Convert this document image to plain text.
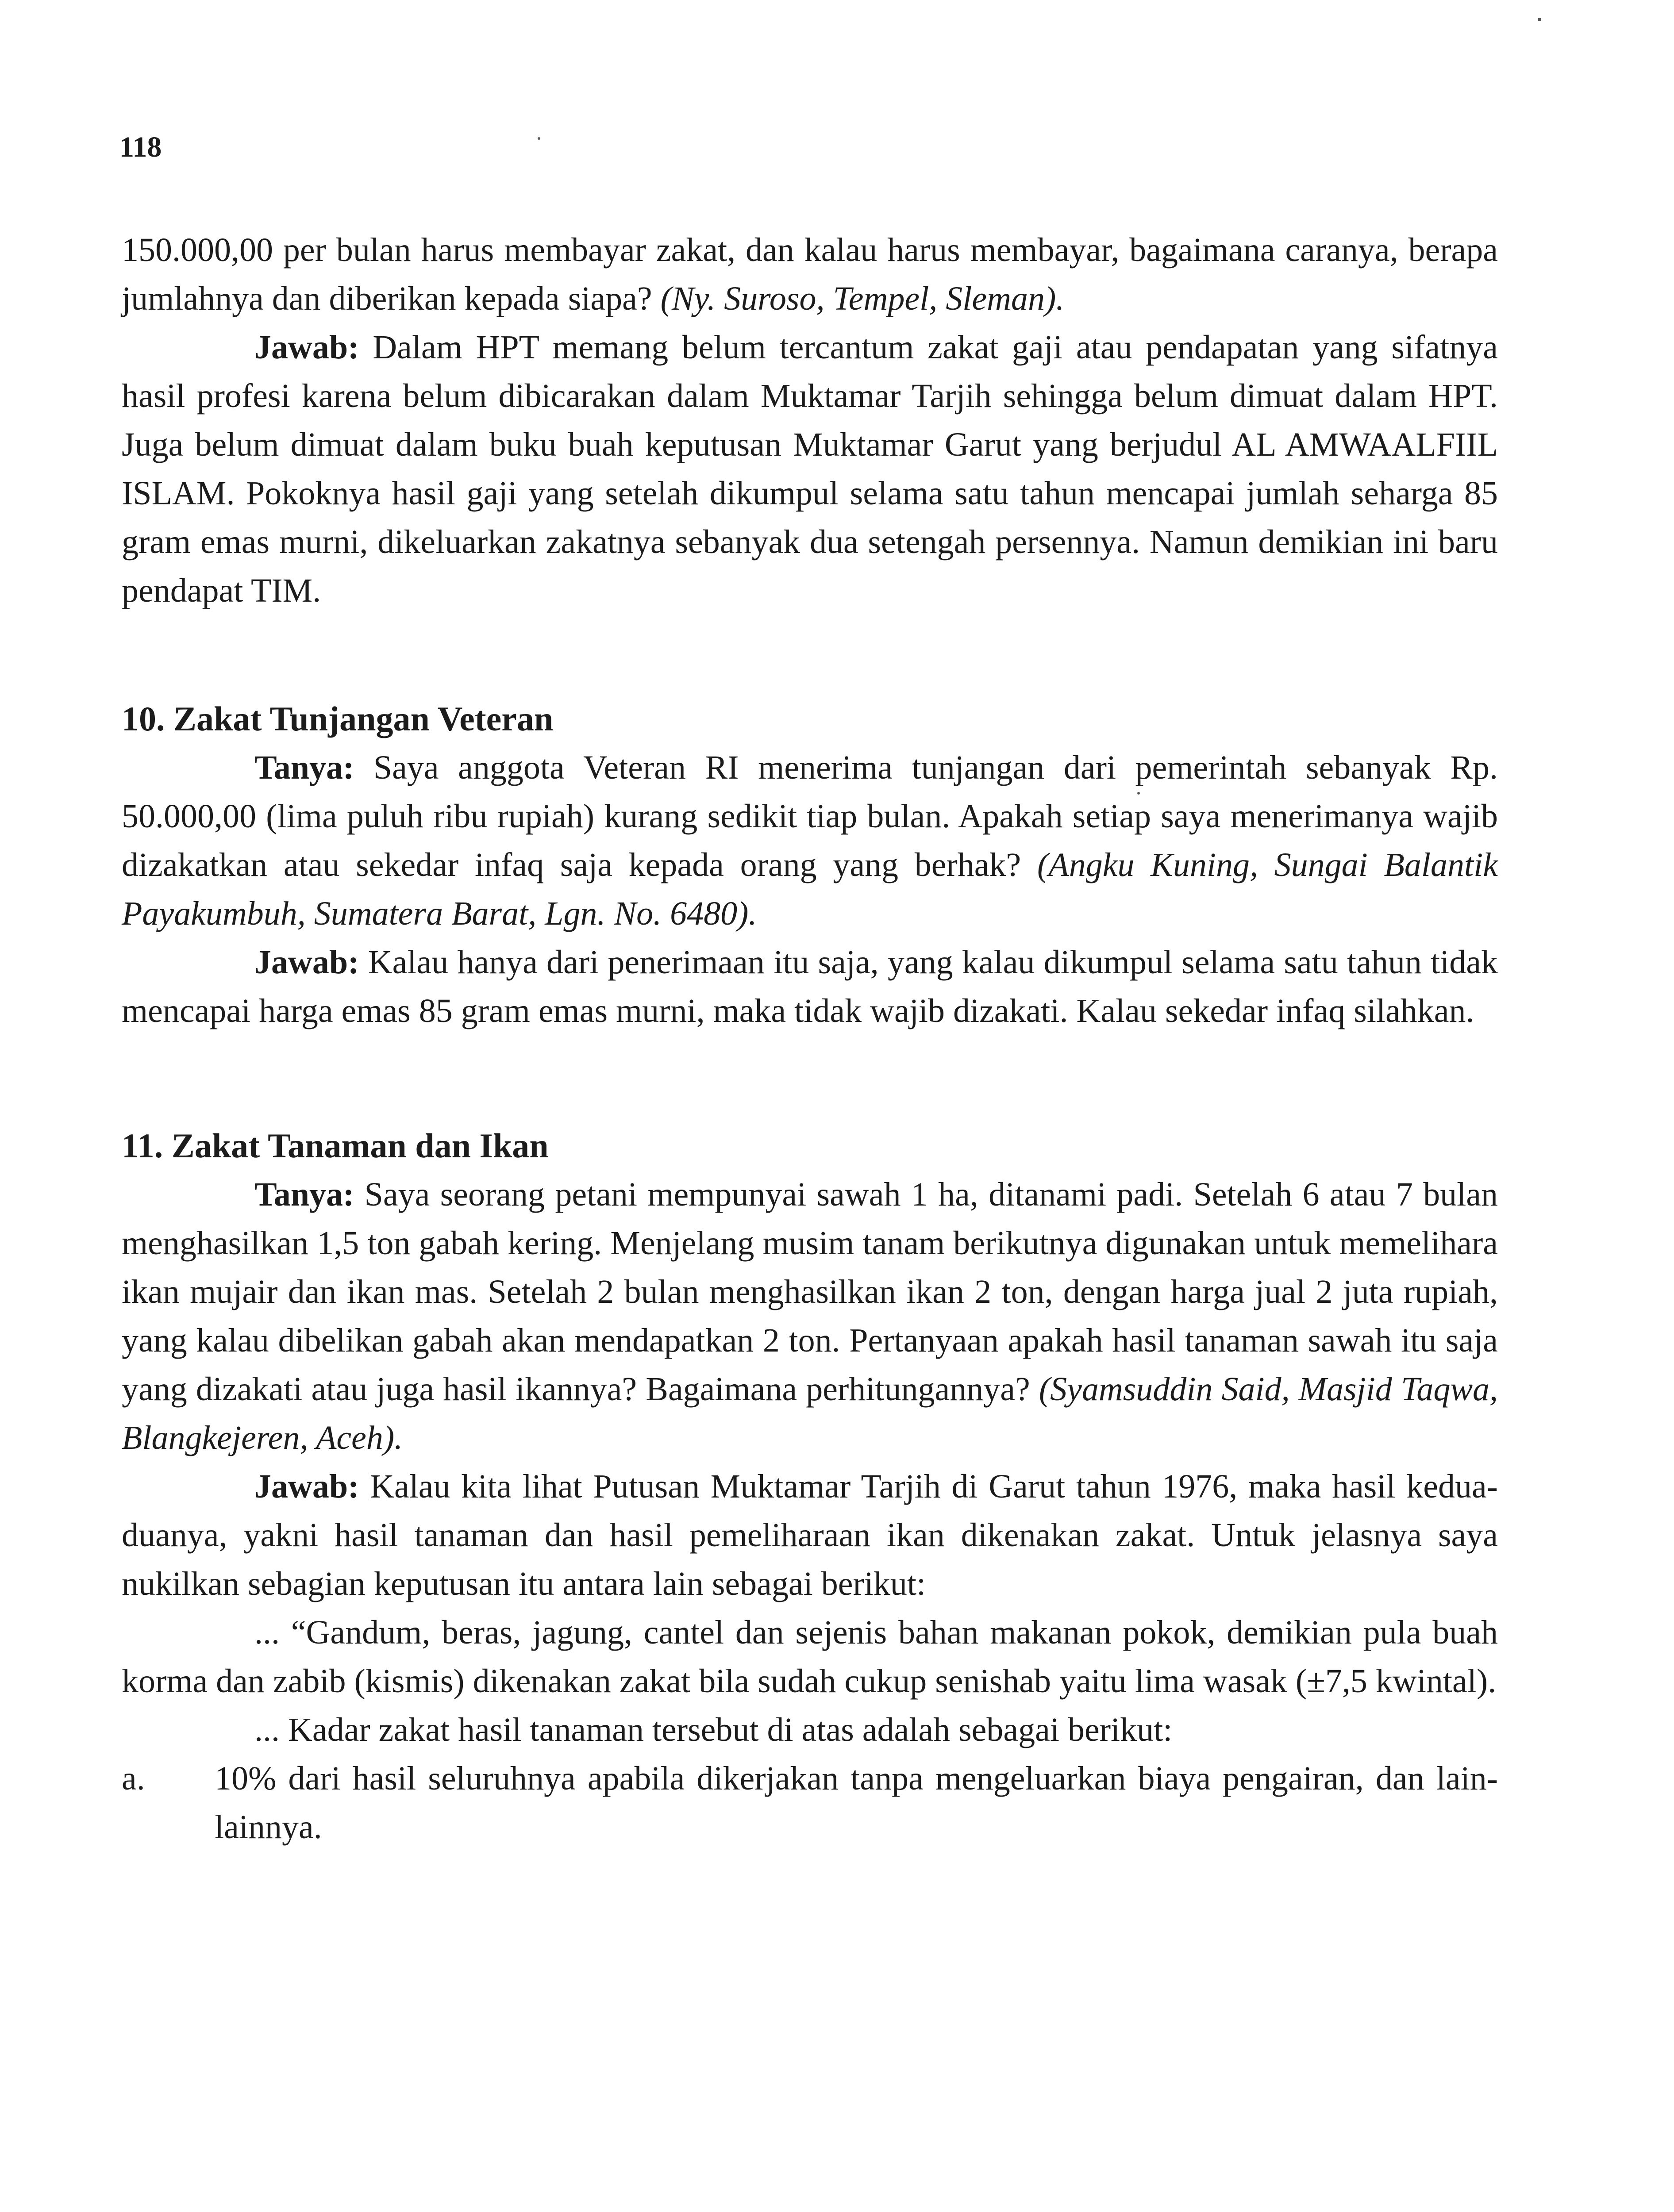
118

150.000,00 per bulan harus membayar zakat, dan kalau harus membayar, bagaimana caranya, berapa jumlahnya dan diberikan kepada siapa? (Ny. Suroso, Tempel, Sleman).

Jawab: Dalam HPT memang belum tercantum zakat gaji atau pendapatan yang sifatnya hasil profesi karena belum dibicarakan dalam Muktamar Tarjih sehingga belum dimuat dalam HPT. Juga belum dimuat dalam buku buah keputusan Muktamar Garut yang berjudul AL AMWAALFIIL ISLAM. Pokoknya hasil gaji yang setelah dikumpul selama satu tahun mencapai jumlah seharga 85 gram emas murni, dikeluarkan zakatnya sebanyak dua setengah persennya. Namun demikian ini baru pendapat TIM.

10. Zakat Tunjangan Veteran

Tanya: Saya anggota Veteran RI menerima tunjangan dari pemerintah sebanyak Rp. 50.000,00 (lima puluh ribu rupiah) kurang sedikit tiap bulan. Apakah setiap saya menerimanya wajib dizakatkan atau sekedar infaq saja kepada orang yang berhak? (Angku Kuning, Sungai Balantik Payakumbuh, Sumatera Barat, Lgn. No. 6480).

Jawab: Kalau hanya dari penerimaan itu saja, yang kalau dikumpul selama satu tahun tidak mencapai harga emas 85 gram emas murni, maka tidak wajib dizakati. Kalau sekedar infaq silahkan.

11. Zakat Tanaman dan Ikan

Tanya: Saya seorang petani mempunyai sawah 1 ha, ditanami padi. Setelah 6 atau 7 bulan menghasilkan 1,5 ton gabah kering. Menjelang musim tanam berikutnya digunakan untuk memelihara ikan mujair dan ikan mas. Setelah 2 bulan menghasilkan ikan 2 ton, dengan harga jual 2 juta rupiah, yang kalau dibelikan gabah akan mendapatkan 2 ton. Pertanyaan apakah hasil tanaman sawah itu saja yang dizakati atau juga hasil ikannya? Bagaimana perhitungannya? (Syamsuddin Said, Masjid Taqwa, Blangkejeren, Aceh).

Jawab: Kalau kita lihat Putusan Muktamar Tarjih di Garut tahun 1976, maka hasil kedua-duanya, yakni hasil tanaman dan hasil pemeliharaan ikan dikenakan zakat. Untuk jelasnya saya nukilkan sebagian keputusan itu antara lain sebagai berikut:

... “Gandum, beras, jagung, cantel dan sejenis bahan makanan pokok, demikian pula buah korma dan zabib (kismis) dikenakan zakat bila sudah cukup senishab yaitu lima wasak (±7,5 kwintal).

... Kadar zakat hasil tanaman tersebut di atas adalah sebagai berikut:

a.	10% dari hasil seluruhnya apabila dikerjakan tanpa mengeluarkan biaya pengairan, dan lain-lainnya.
